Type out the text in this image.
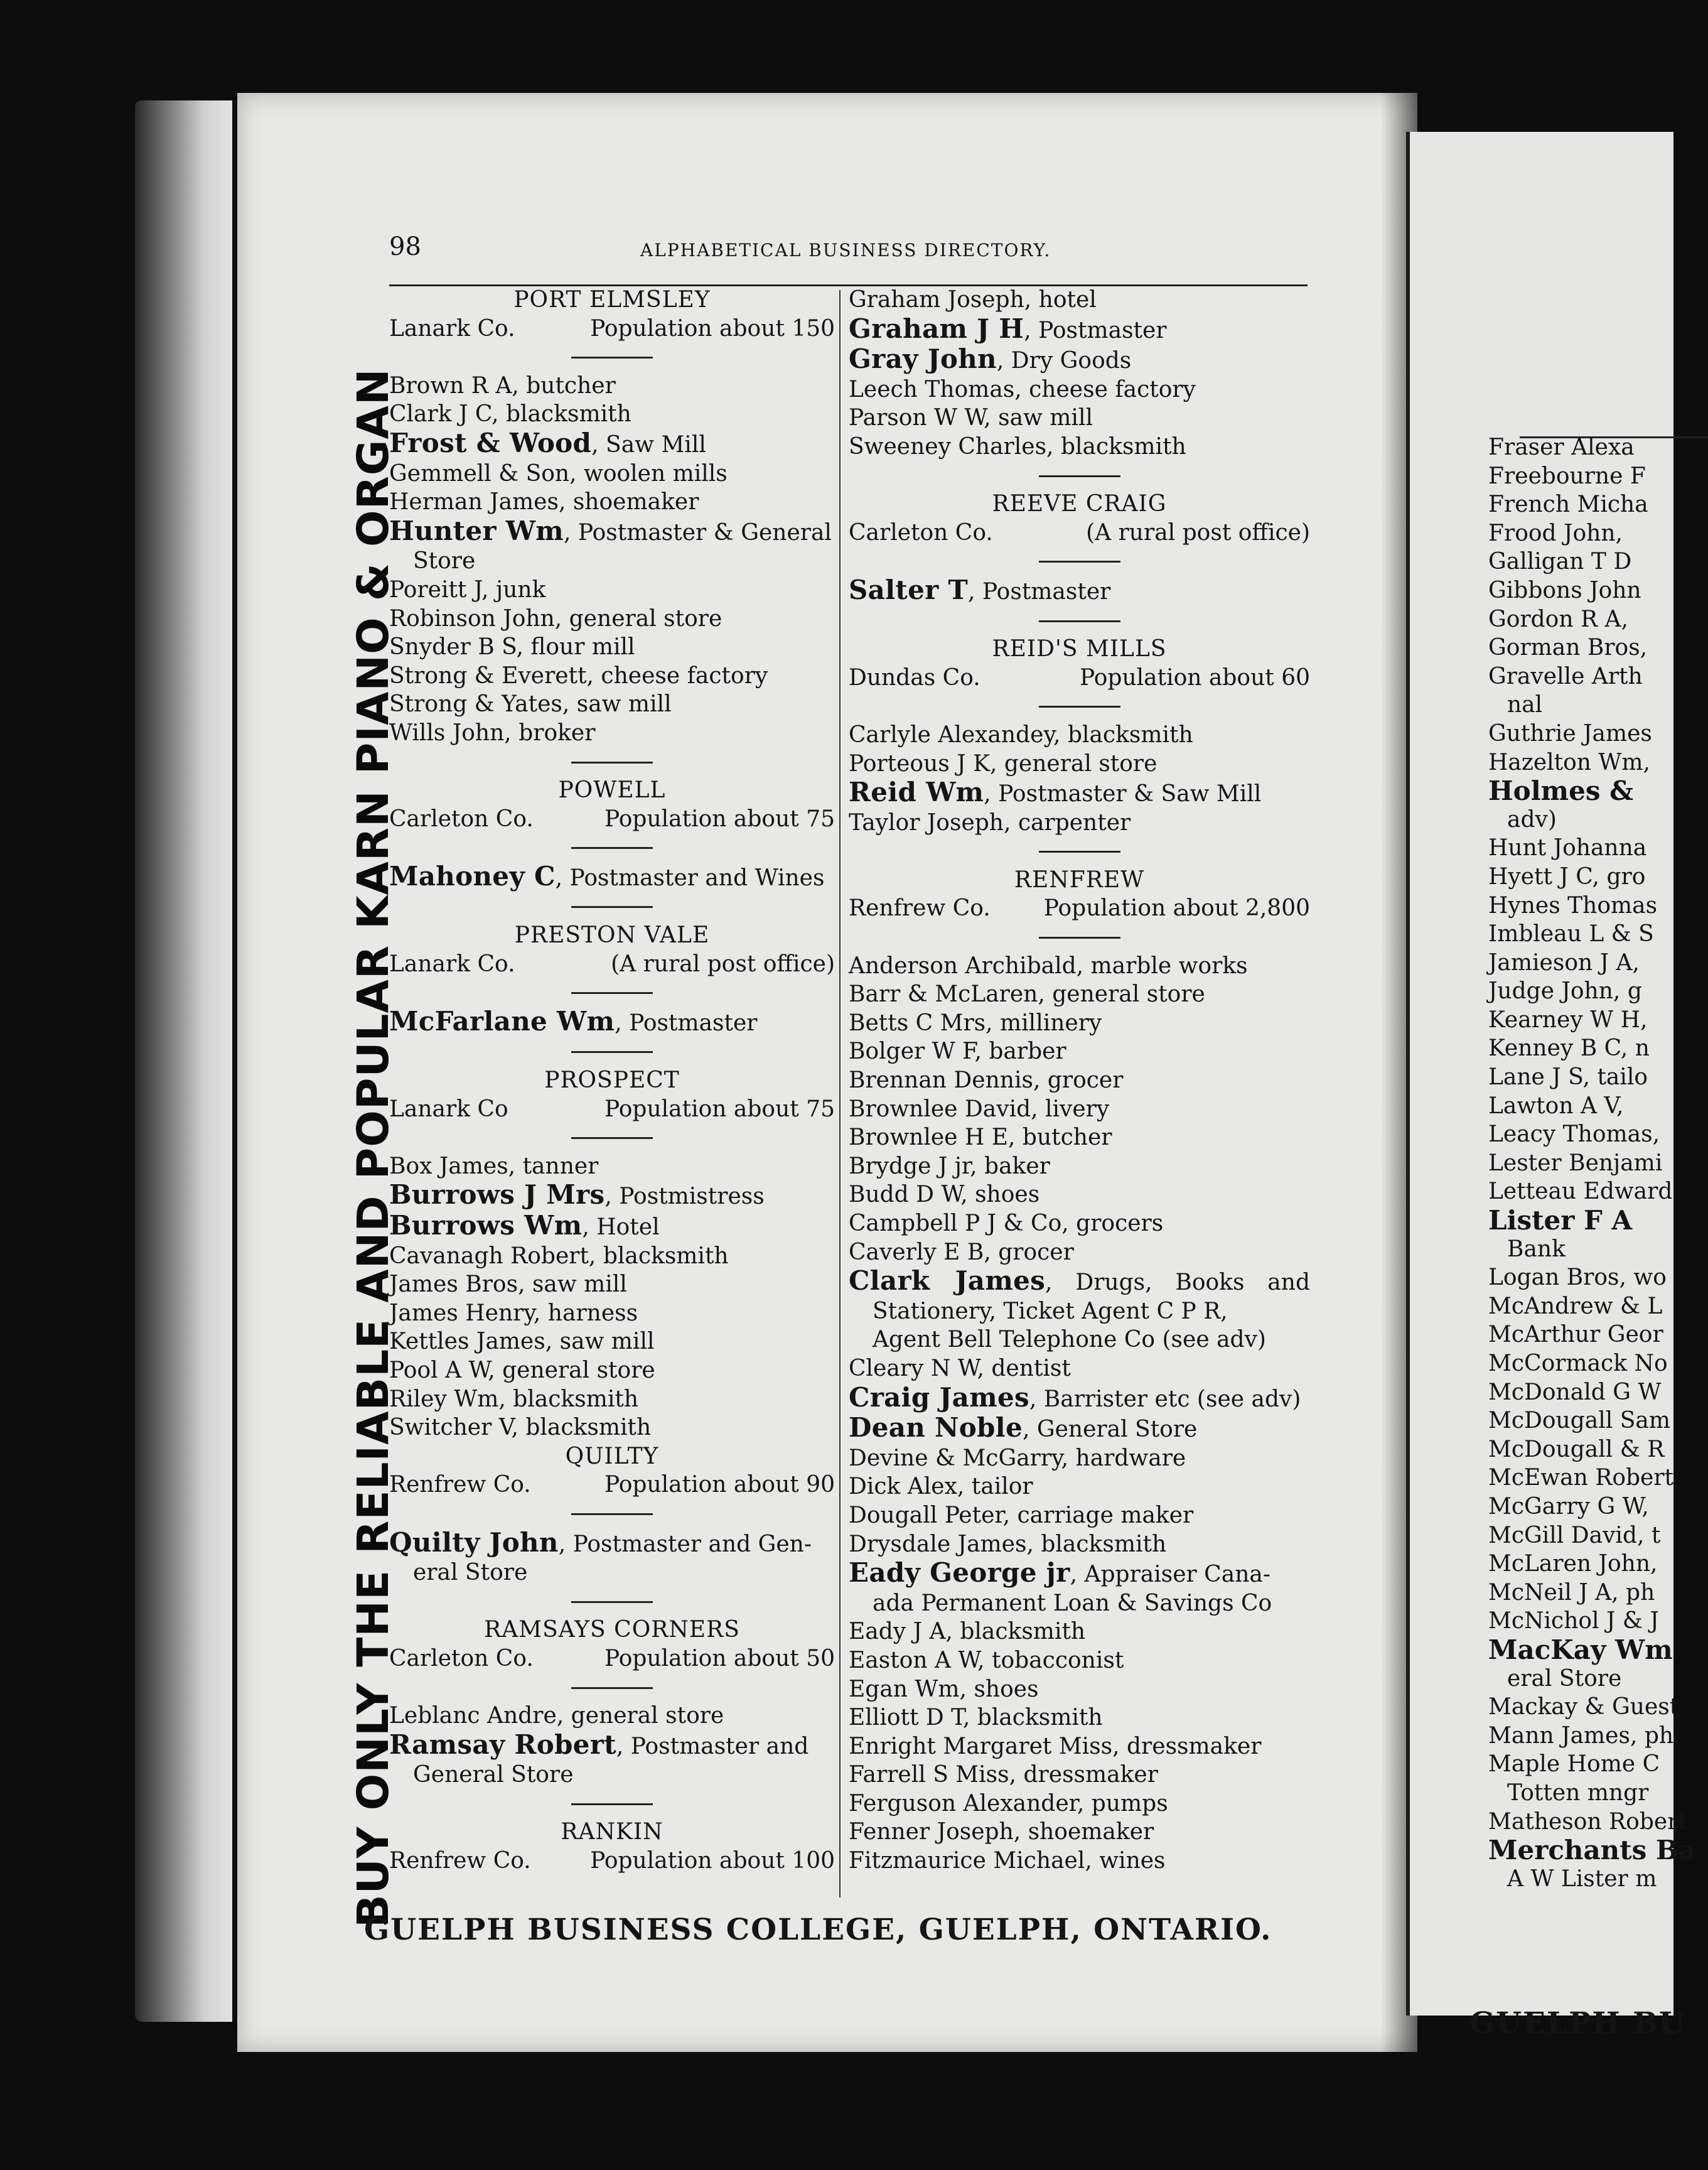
Fraser Alexa
Freebourne F
French Micha
Frood John,
Galligan T D
Gibbons John
Gordon R A,
Gorman Bros,
Gravelle Arth
nal
Guthrie James
Hazelton Wm,
Holmes &
adv)
Hunt Johanna
Hyett J C, gro
Hynes Thomas
Imbleau L & S
Jamieson J A,
Judge John, g
Kearney W H,
Kenney B C, n
Lane J S, tailo
Lawton A V,
Leacy Thomas,
Lester Benjami
Letteau Edward
Lister F A
Bank
Logan Bros, wo
McAndrew & L
McArthur Geor
McCormack No
McDonald G W
McDougall Sam
McDougall & R
McEwan Robert
McGarry G W,
McGill David, t
McLaren John,
McNeil J A, ph
McNichol J & J
MacKay Wm
eral Store
Mackay & Guest
Mann James, ph
Maple Home C
Totten mngr
Matheson Robert
Merchants Ba
A W Lister m
GUELPH BU
98	ALPHABETICAL BUSINESS DIRECTORY.
BUY ONLY THE RELIABLE AND POPULAR KARN PIANO & ORGAN
PORT ELMSLEY
Lanark Co.	Population about 150
Brown R A, butcher
Clark J C, blacksmith
Frost & Wood, Saw Mill
Gemmell & Son, woolen mills
Herman James, shoemaker
Hunter Wm, Postmaster & General
Store
Poreitt J, junk
Robinson John, general store
Snyder B S, flour mill
Strong & Everett, cheese factory
Strong & Yates, saw mill
Wills John, broker
POWELL
Carleton Co.	Population about 75
Mahoney C, Postmaster and Wines
PRESTON VALE
Lanark Co.	(A rural post office)
McFarlane Wm, Postmaster
PROSPECT
Lanark Co	Population about 75
Box James, tanner
Burrows J Mrs, Postmistress
Burrows Wm, Hotel
Cavanagh Robert, blacksmith
James Bros, saw mill
James Henry, harness
Kettles James, saw mill
Pool A W, general store
Riley Wm, blacksmith
Switcher V, blacksmith
QUILTY
Renfrew Co.	Population about 90
Quilty John, Postmaster and Gen-
eral Store
RAMSAYS CORNERS
Carleton Co.	Population about 50
Leblanc Andre, general store
Ramsay Robert, Postmaster and
General Store
RANKIN
Renfrew Co.	Population about 100
Graham Joseph, hotel
Graham J H, Postmaster
Gray John, Dry Goods
Leech Thomas, cheese factory
Parson W W, saw mill
Sweeney Charles, blacksmith
REEVE CRAIG
Carleton Co.	(A rural post office)
Salter T, Postmaster
REID'S MILLS
Dundas Co.	Population about 60
Carlyle Alexandey, blacksmith
Porteous J K, general store
Reid Wm, Postmaster & Saw Mill
Taylor Joseph, carpenter
RENFREW
Renfrew Co. Population about 2,800
Anderson Archibald, marble works
Barr & McLaren, general store
Betts C Mrs, millinery
Bolger W F, barber
Brennan Dennis, grocer
Brownlee David, livery
Brownlee H E, butcher
Brydge J jr, baker
Budd D W, shoes
Campbell P J & Co, grocers
Caverly E B, grocer
Clark James, Drugs, Books and
Stationery, Ticket Agent C P R,
Agent Bell Telephone Co (see adv)
Cleary N W, dentist
Craig James, Barrister etc (see adv)
Dean Noble, General Store
Devine & McGarry, hardware
Dick Alex, tailor
Dougall Peter, carriage maker
Drysdale James, blacksmith
Eady George jr, Appraiser Cana-
ada Permanent Loan & Savings Co
Eady J A, blacksmith
Easton A W, tobacconist
Egan Wm, shoes
Elliott D T, blacksmith
Enright Margaret Miss, dressmaker
Farrell S Miss, dressmaker
Ferguson Alexander, pumps
Fenner Joseph, shoemaker
Fitzmaurice Michael, wines
GUELPH BUSINESS COLLEGE, GUELPH, ONTARIO.
